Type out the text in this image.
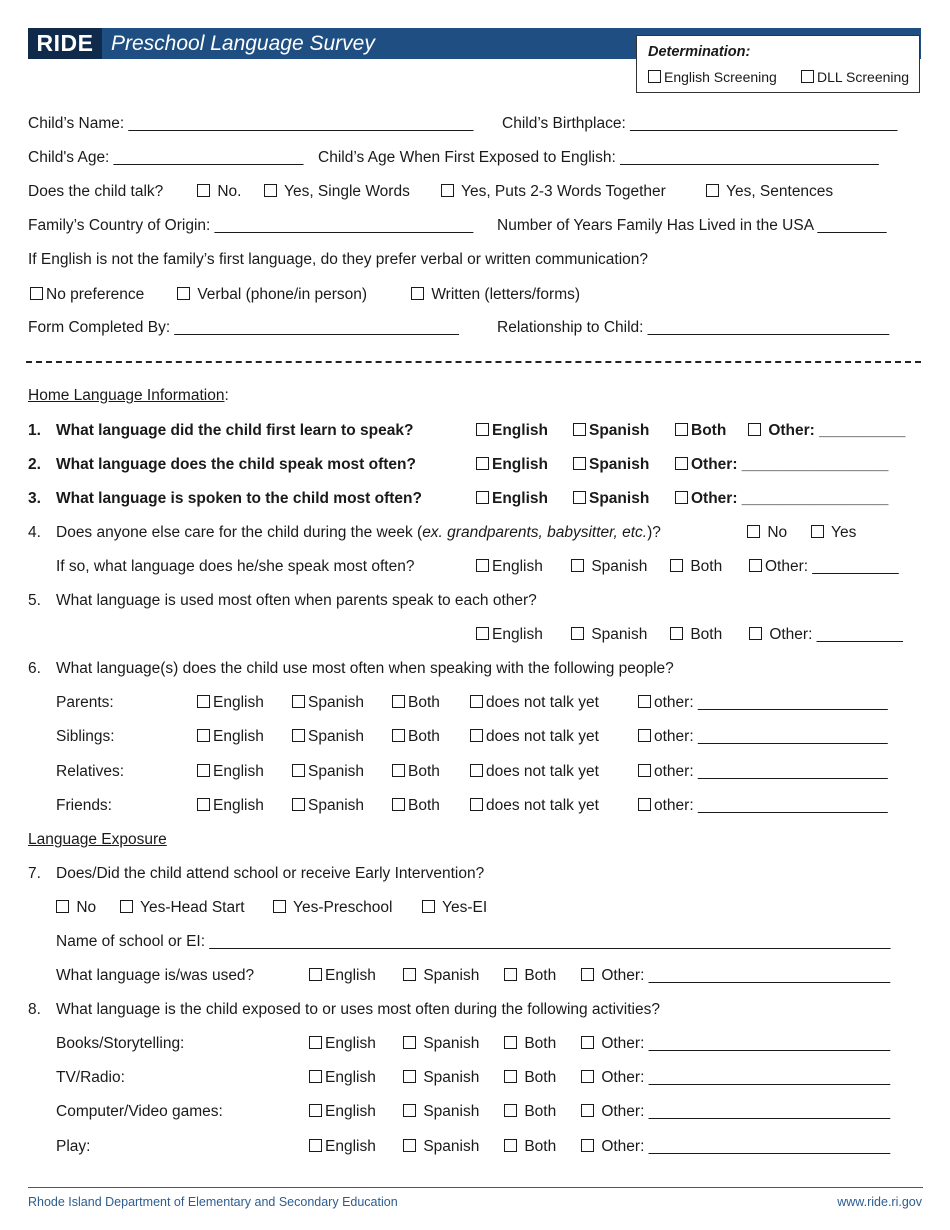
RIDE Preschool Language Survey	Determination:
English Screening	DLL Screening
Child’s Name: ________________________________________ Child’s Birthplace: _______________________________
Child's Age: ______________________ Child’s Age When First Exposed to English: ______________________________
Does the child talk?	No.	Yes, Single Words	Yes, Puts 2-3 Words Together	Yes, Sentences
Family’s Country of Origin: ______________________________ Number of Years Family Has Lived in the USA ________
If English is not the family’s first language, do they prefer verbal or written communication?
No preference	Verbal (phone/in person)	Written (letters/forms)
Form Completed By: _________________________________ Relationship to Child: ____________________________
Home Language Information:
1. What language did the child first learn to speak?	English	Spanish	Both	Other: __________
2. What language does the child speak most often?	English	Spanish	Other: _________________
3. What language is spoken to the child most often?	English	Spanish	Other: _________________
4. Does anyone else care for the child during the week (ex. grandparents, babysitter, etc.)?	No	Yes
If so, what language does he/she speak most often?	English	Spanish	Both	Other: __________
5. What language is used most often when parents speak to each other?
English	Spanish	Both	Other: __________
6. What language(s) does the child use most often when speaking with the following people?
Parents:	English	Spanish	Both	does not talk yet	other: ______________________
Siblings:	English	Spanish	Both	does not talk yet	other: ______________________
Relatives:	English	Spanish	Both	does not talk yet	other: ______________________
Friends:	English	Spanish	Both	does not talk yet	other: ______________________
Language Exposure
7. Does/Did the child attend school or receive Early Intervention?
No	Yes-Head Start	Yes-Preschool	Yes-EI
Name of school or EI: _______________________________________________________________________________
What language is/was used?	English	Spanish	Both	Other: ____________________________
8. What language is the child exposed to or uses most often during the following activities?
Books/Storytelling:	English	Spanish	Both	Other: ____________________________
TV/Radio:	English	Spanish	Both	Other: ____________________________
Computer/Video games:	English	Spanish	Both	Other: ____________________________
Play:	English	Spanish	Both	Other: ____________________________
Rhode Island Department of Elementary and Secondary Education	www.ride.ri.gov
